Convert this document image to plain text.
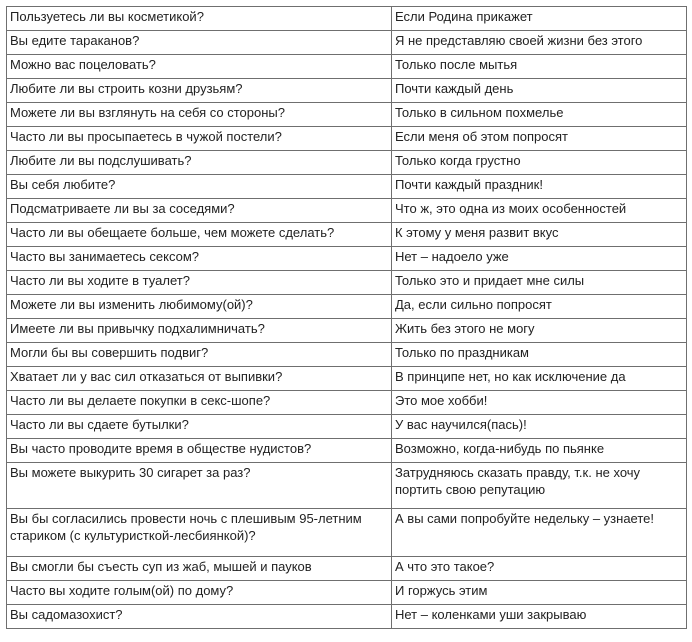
Пользуетесь ли вы косметикой?	Если Родина прикажет
Вы едите тараканов?	Я не представляю своей жизни без этого
Можно вас поцеловать?	Только после мытья
Любите ли вы строить козни друзьям?	Почти каждый день
Можете ли вы взглянуть на себя со стороны?	Только в сильном похмелье
Часто ли вы просыпаетесь в чужой постели?	Если меня об этом попросят
Любите ли вы подслушивать?	Только когда грустно
Вы себя любите?	Почти каждый праздник!
Подсматриваете ли вы за соседями?	Что ж, это одна из моих особенностей
Часто ли вы обещаете больше, чем можете сделать?	К этому у меня развит вкус
Часто вы занимаетесь сексом?	Нет – надоело уже
Часто ли вы ходите в туалет?	Только это и придает мне силы
Можете ли вы изменить любимому(ой)?	Да, если сильно попросят
Имеете ли вы привычку подхалимничать?	Жить без этого не могу
Могли бы вы совершить подвиг?	Только по праздникам
Хватает ли у вас сил отказаться от выпивки?	В принципе нет, но как исключение да
Часто ли вы делаете покупки в секс-шопе?	Это мое хобби!
Часто ли вы сдаете бутылки?	У вас научился(пась)!
Вы часто проводите время в обществе нудистов?	Возможно, когда-нибудь по пьянке
Вы можете выкурить 30 сигарет за раз?	Затрудняюсь сказать правду, т.к. не хочу портить свою репутацию
Вы бы согласились провести ночь с плешивым 95-летним стариком (с культуристкой-лесбиянкой)?	А вы сами попробуйте недельку – узнаете!
Вы смогли бы съесть суп из жаб, мышей и пауков	А что это такое?
Часто вы ходите голым(ой) по дому?	И горжусь этим
Вы садомазохист?	Нет – коленками уши закрываю
